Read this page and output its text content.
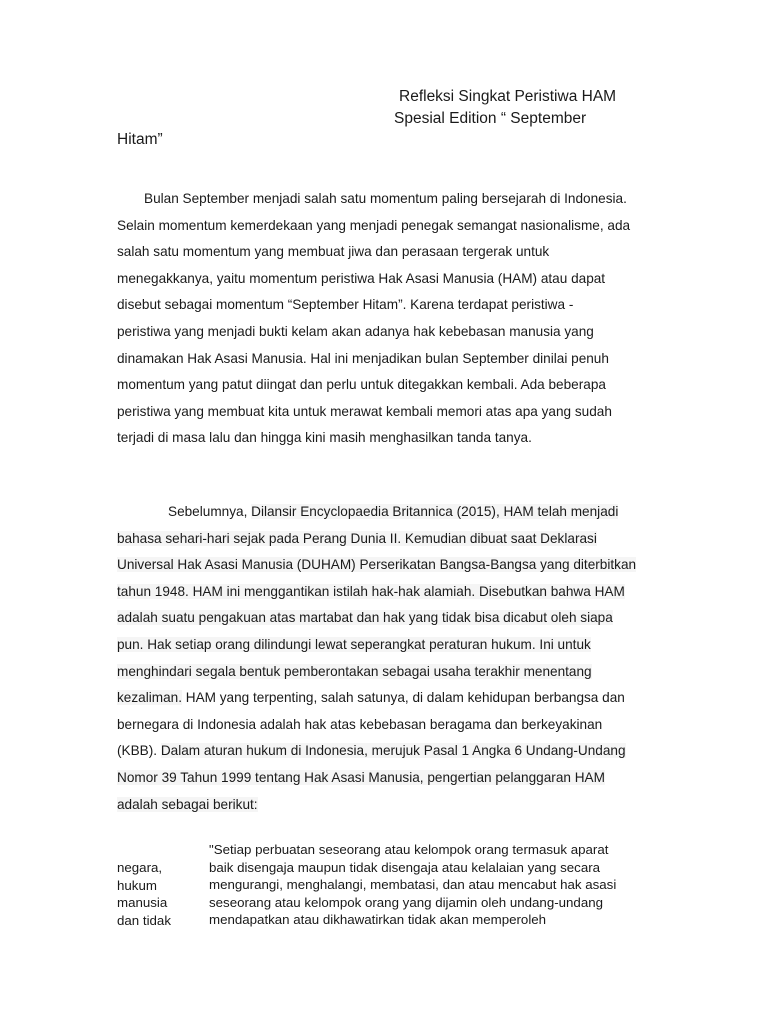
Refleksi Singkat Peristiwa HAM
Spesial Edition “ September
Hitam”
Bulan September menjadi salah satu momentum paling bersejarah di Indonesia.
Selain momentum kemerdekaan yang menjadi penegak semangat nasionalisme, ada
salah satu momentum yang membuat jiwa dan perasaan tergerak untuk
menegakkanya, yaitu momentum peristiwa Hak Asasi Manusia (HAM) atau dapat
disebut sebagai momentum “September Hitam”. Karena terdapat peristiwa -
peristiwa yang menjadi bukti kelam akan adanya hak kebebasan manusia yang
dinamakan Hak Asasi Manusia. Hal ini menjadikan bulan September dinilai penuh
momentum yang patut diingat dan perlu untuk ditegakkan kembali. Ada beberapa
peristiwa yang membuat kita untuk merawat kembali memori atas apa yang sudah
terjadi di masa lalu dan hingga kini masih menghasilkan tanda tanya.
Sebelumnya, Dilansir Encyclopaedia Britannica (2015), HAM telah menjadi
bahasa sehari-hari sejak pada Perang Dunia II. Kemudian dibuat saat Deklarasi
Universal Hak Asasi Manusia (DUHAM) Perserikatan Bangsa-Bangsa yang diterbitkan
tahun 1948. HAM ini menggantikan istilah hak-hak alamiah. Disebutkan bahwa HAM
adalah suatu pengakuan atas martabat dan hak yang tidak bisa dicabut oleh siapa
pun. Hak setiap orang dilindungi lewat seperangkat peraturan hukum. Ini untuk
menghindari segala bentuk pemberontakan sebagai usaha terakhir menentang
kezaliman. HAM yang terpenting, salah satunya, di dalam kehidupan berbangsa dan
bernegara di Indonesia adalah hak atas kebebasan beragama dan berkeyakinan
(KBB). Dalam aturan hukum di Indonesia, merujuk Pasal 1 Angka 6 Undang-Undang
Nomor 39 Tahun 1999 tentang Hak Asasi Manusia, pengertian pelanggaran HAM
adalah sebagai berikut:
negara,
hukum
manusia
dan tidak
"Setiap perbuatan seseorang atau kelompok orang termasuk aparat
baik disengaja maupun tidak disengaja atau kelalaian yang secara
mengurangi, menghalangi, membatasi, dan atau mencabut hak asasi
seseorang atau kelompok orang yang dijamin oleh undang-undang
mendapatkan atau dikhawatirkan tidak akan memperoleh
